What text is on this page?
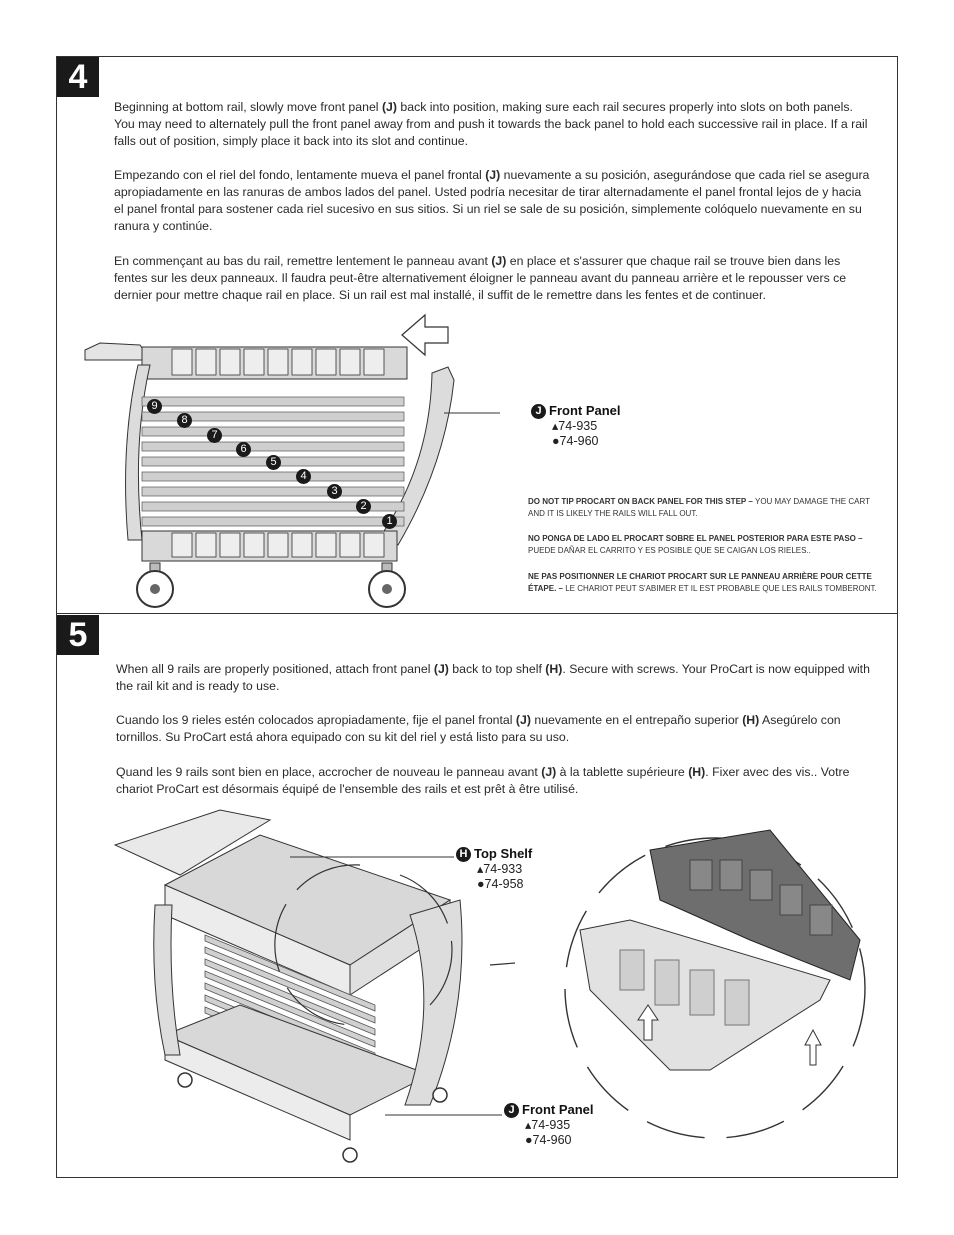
4

Beginning at bottom rail, slowly move front panel (J) back into position, making sure each rail secures properly into slots on both panels. You may need to alternately pull the front panel away from and push it towards the back panel to hold each successive rail in place. If a rail falls out of position, simply place it back into its slot and continue.

Empezando con el riel del fondo, lentamente mueva el panel frontal (J) nuevamente a su posición, asegurándose que cada riel se asegura apropiadamente en las ranuras de ambos lados del panel. Usted podría necesitar de tirar alternadamente el panel frontal lejos de y hacia el panel frontal para sostener cada riel sucesivo en sus sitios. Si un riel se sale de su posición, simplemente colóquelo nuevamente en su ranura y continúe.

En commençant au bas du rail, remettre lentement le panneau avant (J) en place et s'assurer que chaque rail se trouve bien dans les fentes sur les deux panneaux. Il faudra peut-être alternativement éloigner le panneau avant du panneau arrière et le repousser vers ce dernier pour mettre chaque rail en place. Si un rail est mal installé, il suffit de le remettre dans les fentes et de continuer.

9
8
7
6
5
4
3
2
1
J Front Panel
▴74-935
●74-960
DO NOT TIP PROCART ON BACK PANEL FOR THIS STEP – YOU MAY DAMAGE THE CART AND IT IS LIKELY THE RAILS WILL FALL OUT.
NO PONGA DE LADO EL PROCART SOBRE EL PANEL POSTERIOR PARA ESTE PASO – PUEDE DAÑAR EL CARRITO Y ES POSIBLE QUE SE CAIGAN LOS RIELES..
NE PAS POSITIONNER LE CHARIOT PROCART SUR LE PANNEAU ARRIÈRE POUR CETTE ÉTAPE. – LE CHARIOT PEUT S'ABIMER ET IL EST PROBABLE QUE LES RAILS TOMBERONT.
5

When all 9 rails are properly positioned, attach front panel (J) back to top shelf (H). Secure with screws. Your ProCart is now equipped with the rail kit and is ready to use.

Cuando los 9 rieles estén colocados apropiadamente, fije el panel frontal (J) nuevamente en el entrepaño superior (H) Asegúrelo con tornillos. Su ProCart está ahora equipado con su kit del riel y está listo para su uso.

Quand les 9 rails sont bien en place, accrocher de nouveau le panneau avant (J) à la tablette supérieure (H). Fixer avec des vis.. Votre chariot ProCart est désormais équipé de l'ensemble des rails et est prêt à être utilisé.

H Top Shelf
▴74-933
●74-958
J Front Panel
▴74-935
●74-960
